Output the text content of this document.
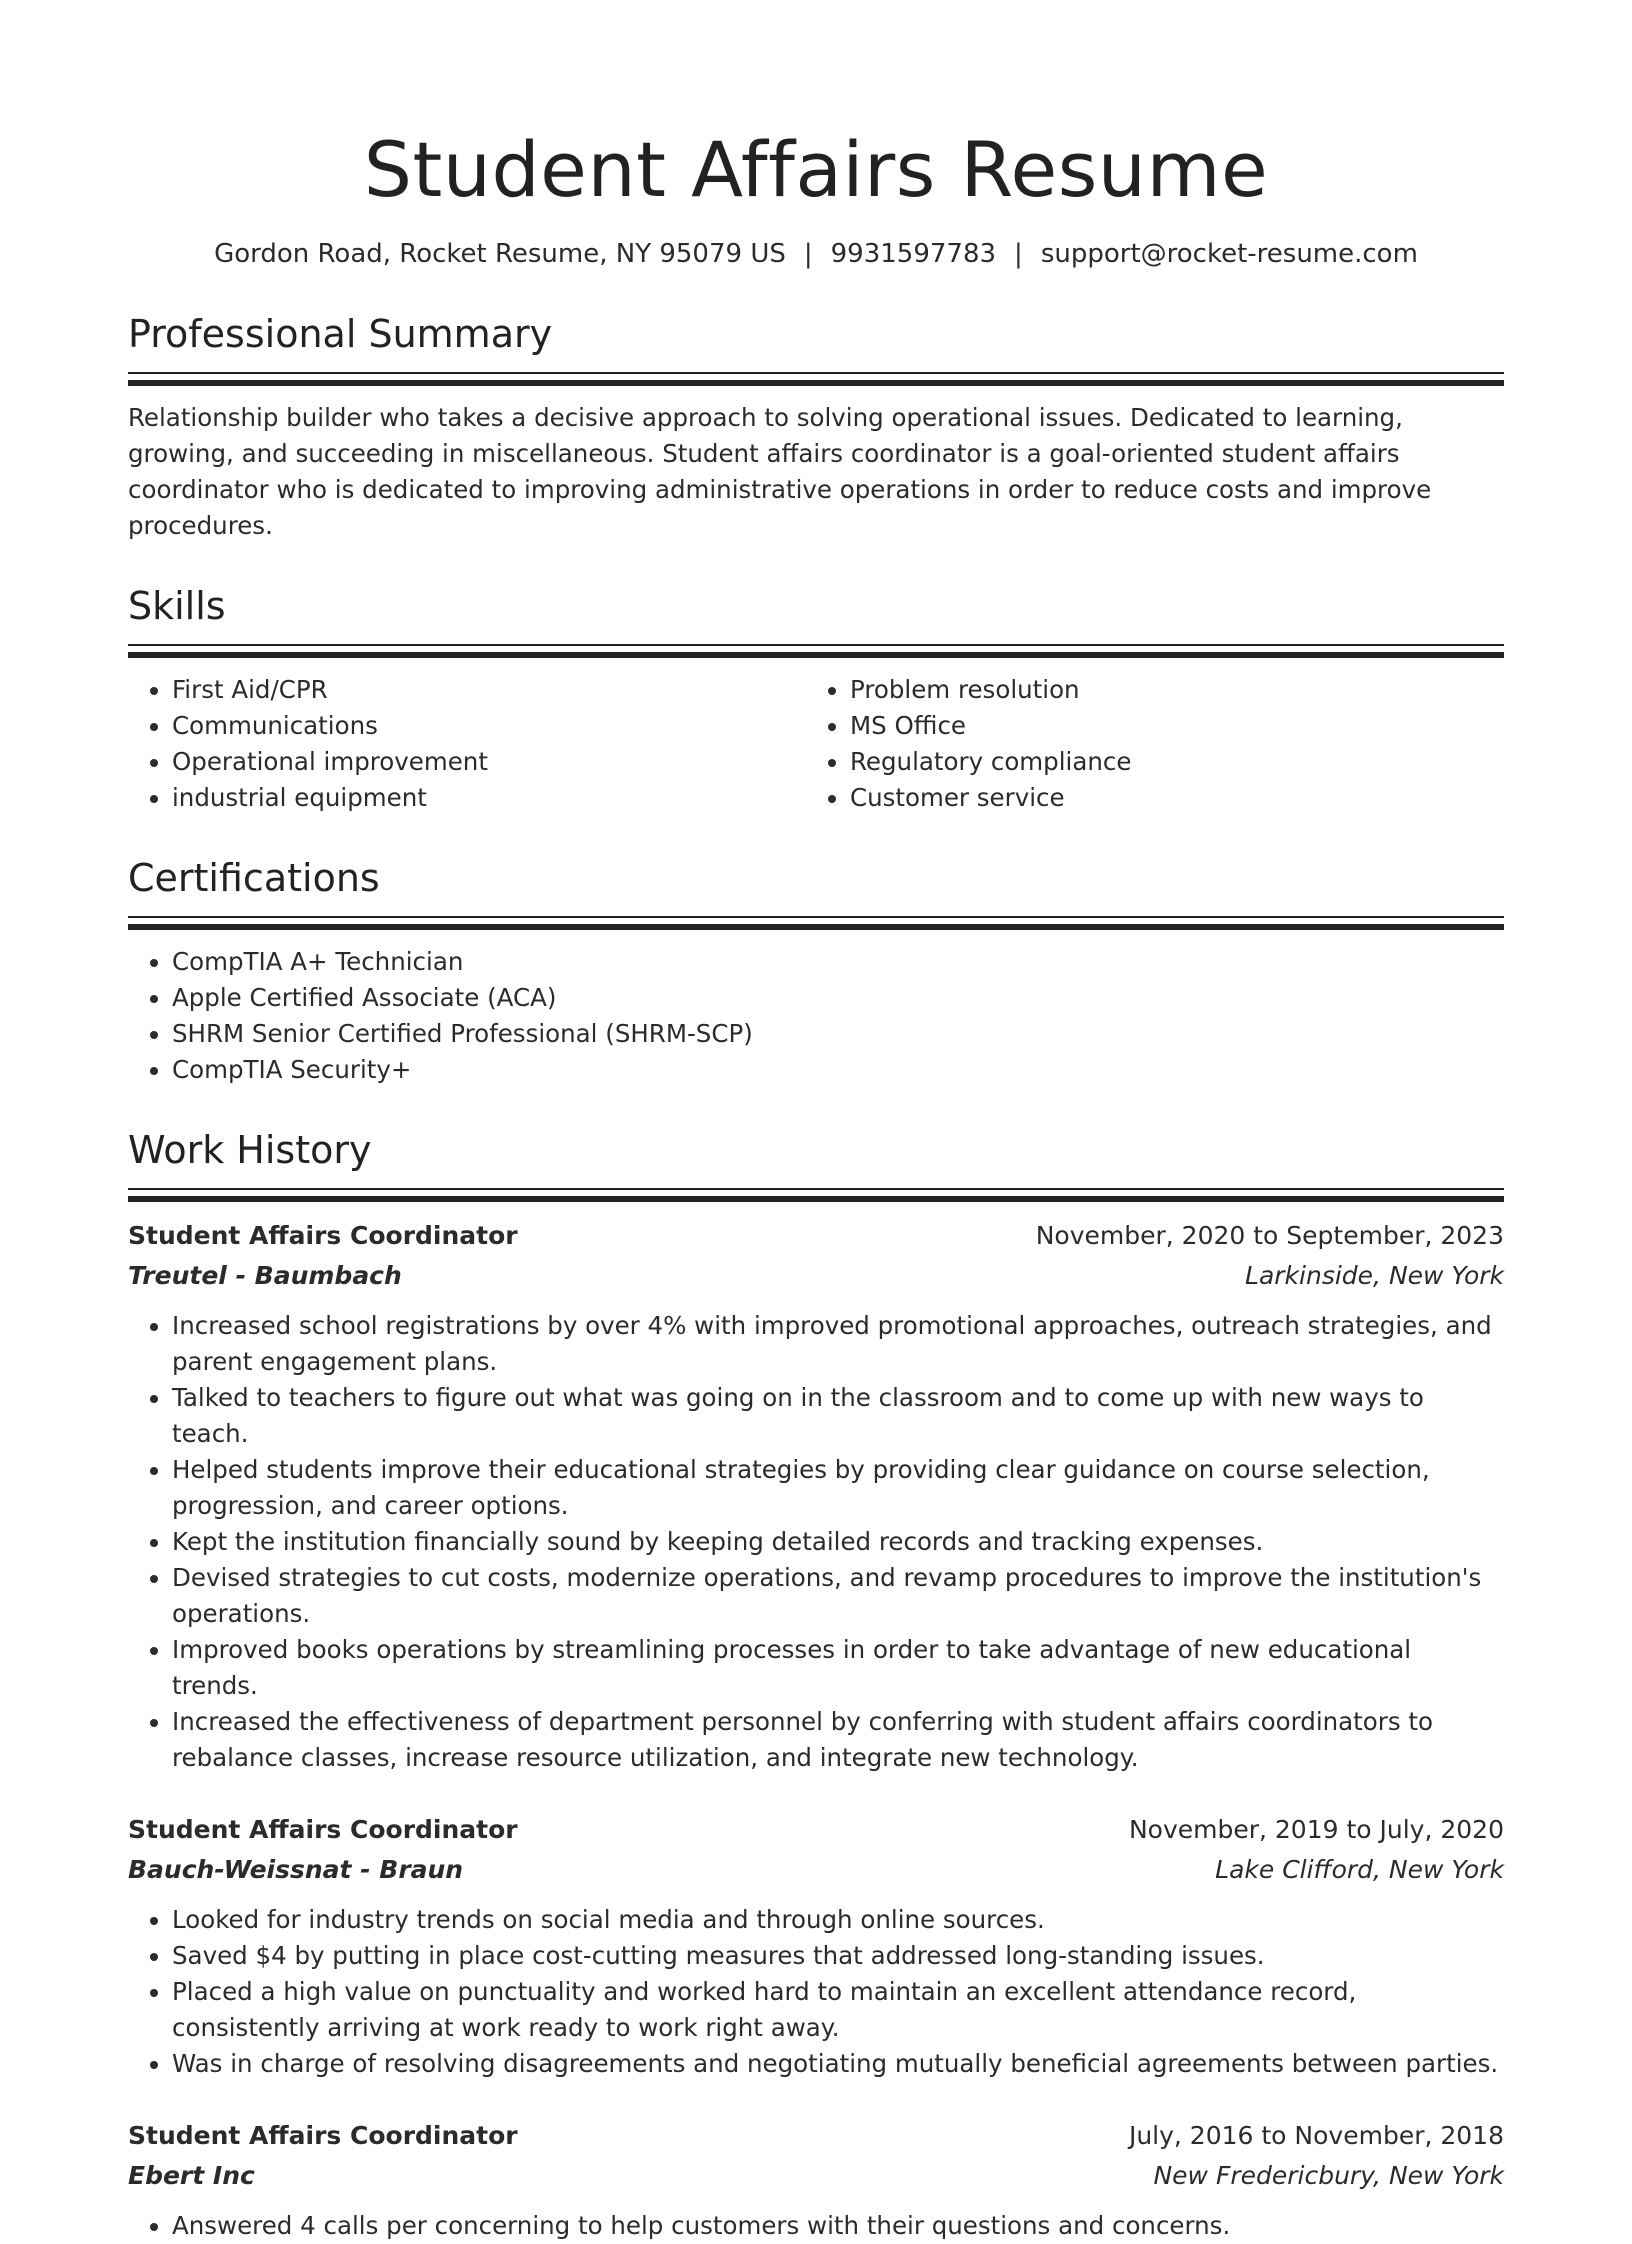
Student Affairs Resume
Gordon Road, Rocket Resume, NY 95079 US | 9931597783 | support@rocket-resume.com
Professional Summary
Relationship builder who takes a decisive approach to solving operational issues. Dedicated to learning, growing, and succeeding in miscellaneous. Student affairs coordinator is a goal-oriented student affairs coordinator who is dedicated to improving administrative operations in order to reduce costs and improve procedures.
Skills
• First Aid/CPR
• Communications
• Operational improvement
• industrial equipment
• Problem resolution
• MS Office
• Regulatory compliance
• Customer service
Certifications
• CompTIA A+ Technician
• Apple Certified Associate (ACA)
• SHRM Senior Certified Professional (SHRM-SCP)
• CompTIA Security+
Work History
Student Affairs Coordinator	November, 2020 to September, 2023
Treutel - Baumbach	Larkinside, New York
• Increased school registrations by over 4% with improved promotional approaches, outreach strategies, and parent engagement plans.
• Talked to teachers to figure out what was going on in the classroom and to come up with new ways to teach.
• Helped students improve their educational strategies by providing clear guidance on course selection, progression, and career options.
• Kept the institution financially sound by keeping detailed records and tracking expenses.
• Devised strategies to cut costs, modernize operations, and revamp procedures to improve the institution's operations.
• Improved books operations by streamlining processes in order to take advantage of new educational trends.
• Increased the effectiveness of department personnel by conferring with student affairs coordinators to rebalance classes, increase resource utilization, and integrate new technology.
Student Affairs Coordinator	November, 2019 to July, 2020
Bauch-Weissnat - Braun	Lake Clifford, New York
• Looked for industry trends on social media and through online sources.
• Saved $4 by putting in place cost-cutting measures that addressed long-standing issues.
• Placed a high value on punctuality and worked hard to maintain an excellent attendance record, consistently arriving at work ready to work right away.
• Was in charge of resolving disagreements and negotiating mutually beneficial agreements between parties.
Student Affairs Coordinator	July, 2016 to November, 2018
Ebert Inc	New Fredericbury, New York
• Answered 4 calls per concerning to help customers with their questions and concerns.
